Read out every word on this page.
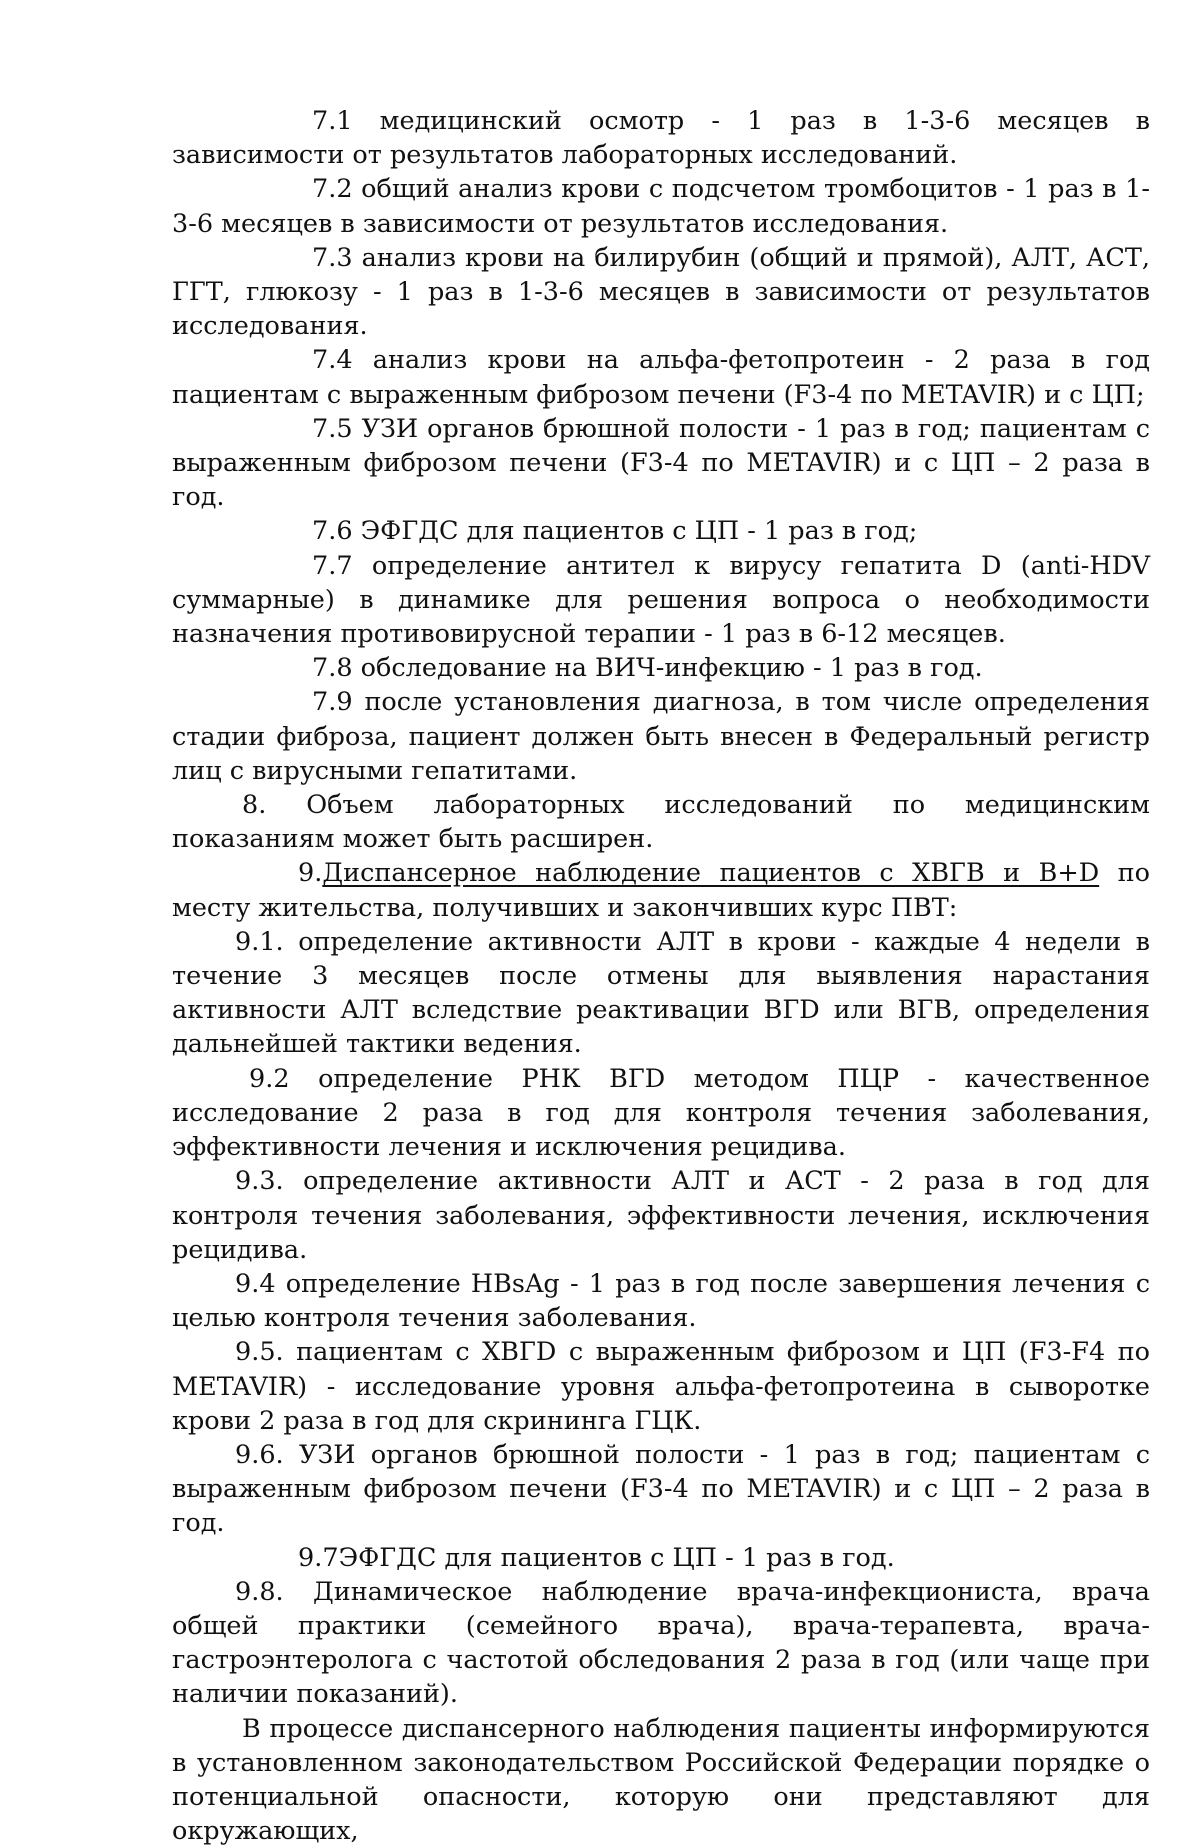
7.1 медицинский осмотр - 1 раз в 1-3-6 месяцев в зависимости от результатов лабораторных исследований.

7.2 общий анализ крови с подсчетом тромбоцитов - 1 раз в 1-3-6 месяцев в зависимости от результатов исследования.

7.3 анализ крови на билирубин (общий и прямой), АЛТ, АСТ, ГГТ, глюкозу - 1 раз в 1-3-6 месяцев в зависимости от результатов исследования.

7.4 анализ крови на альфа-фетопротеин - 2 раза в год пациентам с выраженным фиброзом печени (F3-4 по METAVIR) и с ЦП;

7.5 УЗИ органов брюшной полости - 1 раз в год; пациентам с выраженным фиброзом печени (F3-4 по METAVIR) и с ЦП – 2 раза в год.

7.6 ЭФГДС для пациентов с ЦП - 1 раз в год;

7.7 определение антител к вирусу гепатита D (anti-HDV суммарные) в динамике для решения вопроса о необходимости назначения противовирусной терапии - 1 раз в 6-12 месяцев.

7.8 обследование на ВИЧ-инфекцию - 1 раз в год.

7.9 после установления диагноза, в том числе определения стадии фиброза, пациент должен быть внесен в Федеральный регистр лиц с вирусными гепатитами.

8. Объем лабораторных исследований по медицинским показаниям может быть расширен.

9.Диспансерное наблюдение пациентов с ХВГВ и B+D по месту жительства, получивших и закончивших курс ПВТ:

9.1. определение активности АЛТ в крови - каждые 4 недели в течение 3 месяцев после отмены для выявления нарастания активности АЛТ вследствие реактивации ВГD или ВГВ, определения дальнейшей тактики ведения.

9.2 определение РНК ВГD методом ПЦР - качественное исследование 2 раза в год для контроля течения заболевания, эффективности лечения и исключения рецидива.

9.3. определение активности АЛТ и АСТ - 2 раза в год для контроля течения заболевания, эффективности лечения, исключения рецидива.

9.4 определение HBsAg - 1 раз в год после завершения лечения с целью контроля течения заболевания.

9.5. пациентам с ХВГD с выраженным фиброзом и ЦП (F3-F4 по METAVIR) - исследование уровня альфа-фетопротеина в сыворотке крови 2 раза в год для скрининга ГЦК.

9.6. УЗИ органов брюшной полости - 1 раз в год; пациентам с выраженным фиброзом печени (F3-4 по METAVIR) и с ЦП – 2 раза в год.

9.7ЭФГДС для пациентов с ЦП - 1 раз в год.

9.8. Динамическое наблюдение врача-инфекциониста, врача общей практики (семейного врача), врача-терапевта, врача-гастроэнтеролога с частотой обследования 2 раза в год (или чаще при наличии показаний).

В процессе диспансерного наблюдения пациенты информируются в установленном законодательством Российской Федерации порядке о потенциальной опасности, которую они представляют для окружающих,
